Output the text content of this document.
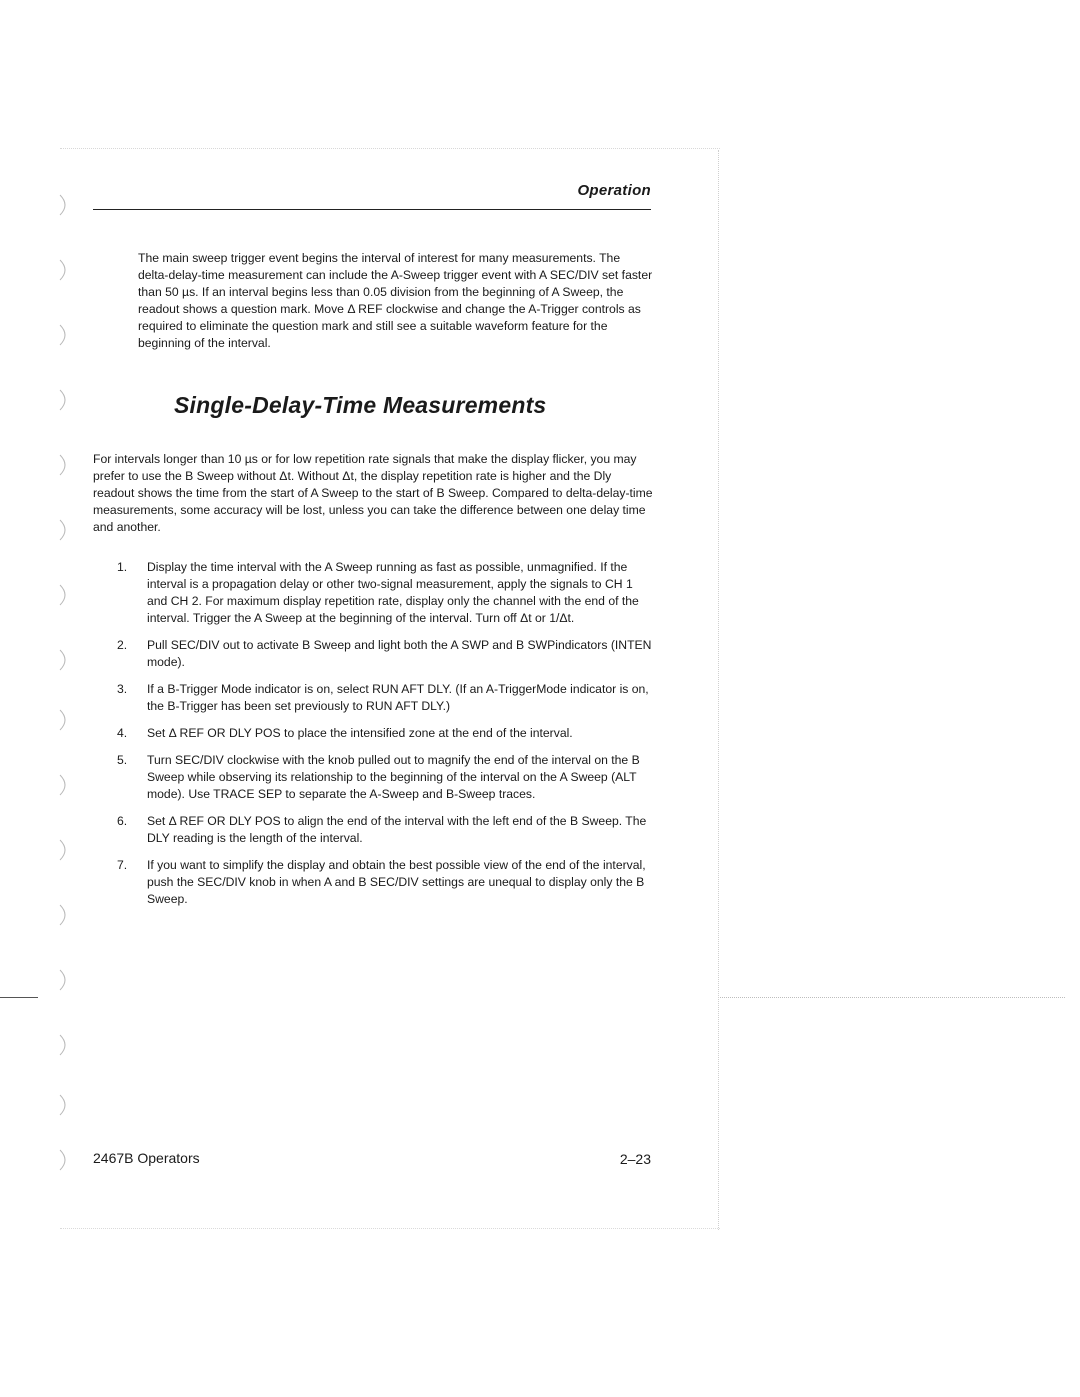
Operation

The main sweep trigger event begins the interval of interest for many measurements. The delta-delay-time measurement can include the A-Sweep trigger event with A SEC/DIV set faster than 50 µs. If an interval begins less than 0.05 division from the beginning of A Sweep, the readout shows a question mark. Move Δ REF clockwise and change the A-Trigger controls as required to eliminate the question mark and still see a suitable waveform feature for the beginning of the interval.

Single-Delay-Time Measurements

For intervals longer than 10 µs or for low repetition rate signals that make the display flicker, you may prefer to use the B Sweep without Δt. Without Δt, the display repetition rate is higher and the Dly readout shows the time from the start of A Sweep to the start of B Sweep. Compared to delta-delay-time measurements, some accuracy will be lost, unless you can take the difference between one delay time and another.

1.	Display the time interval with the A Sweep running as fast as possible, unmagnified. If the interval is a propagation delay or other two-signal measurement, apply the signals to CH 1 and CH 2. For maximum display repetition rate, display only the channel with the end of the interval. Trigger the A Sweep at the beginning of the interval. Turn off Δt or 1/Δt.
2.	Pull SEC/DIV out to activate B Sweep and light both the A SWP and B SWPindicators (INTEN mode).
3.	If a B-Trigger Mode indicator is on, select RUN AFT DLY. (If an A-TriggerMode indicator is on, the B-Trigger has been set previously to RUN AFT DLY.)
4.	Set Δ REF OR DLY POS to place the intensified zone at the end of the interval.
5.	Turn SEC/DIV clockwise with the knob pulled out to magnify the end of the interval on the B Sweep while observing its relationship to the beginning of the interval on the A Sweep (ALT mode). Use TRACE SEP to separate the A-Sweep and B-Sweep traces.
6.	Set Δ REF OR DLY POS to align the end of the interval with the left end of the B Sweep. The DLY reading is the length of the interval.
7.	If you want to simplify the display and obtain the best possible view of the end of the interval, push the SEC/DIV knob in when A and B SEC/DIV settings are unequal to display only the B Sweep.
2467B Operators	2–23
